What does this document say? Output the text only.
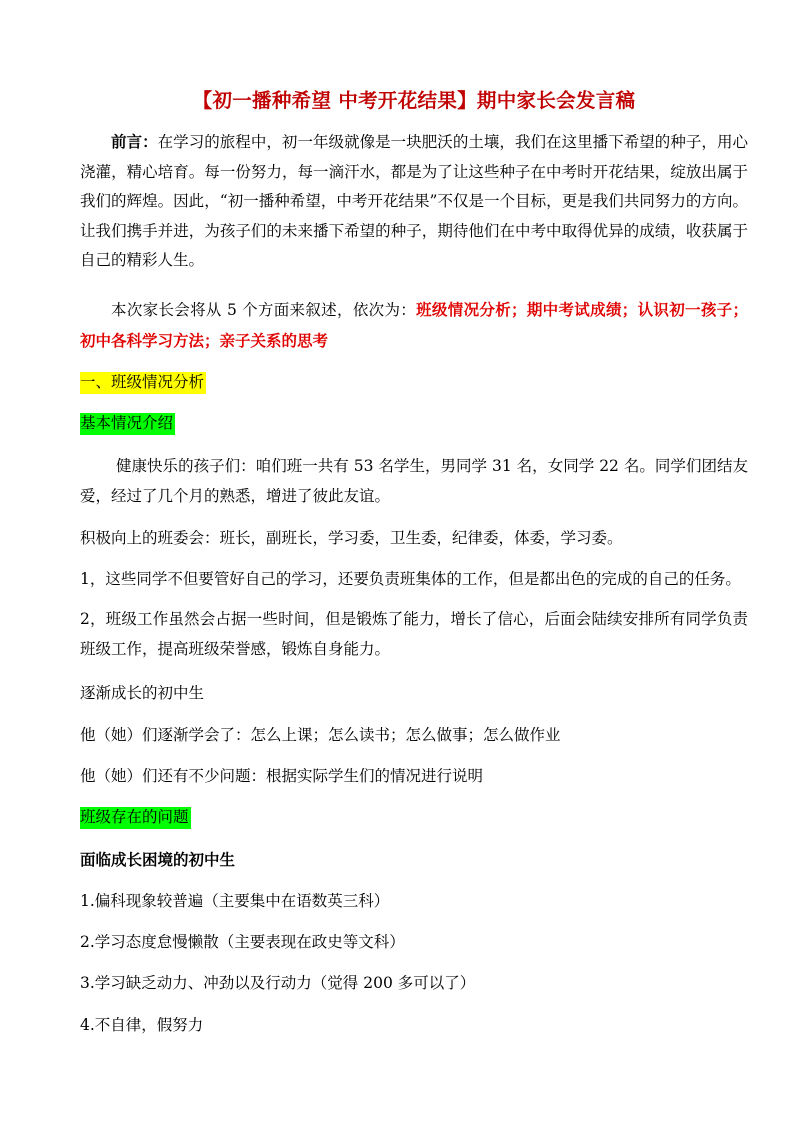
【初一播种希望 中考开花结果】期中家长会发言稿
前言：在学习的旅程中，初一年级就像是一块肥沃的土壤，我们在这里播下希望的种子，用心浇灌，精心培育。每一份努力，每一滴汗水，都是为了让这些种子在中考时开花结果，绽放出属于我们的辉煌。因此，“初一播种希望，中考开花结果”不仅是一个目标，更是我们共同努力的方向。让我们携手并进，为孩子们的未来播下希望的种子，期待他们在中考中取得优异的成绩，收获属于自己的精彩人生。
本次家长会将从 5 个方面来叙述，依次为：班级情况分析；期中考试成绩；认识初一孩子；初中各科学习方法；亲子关系的思考
一、班级情况分析
基本情况介绍
健康快乐的孩子们：咱们班一共有 53 名学生，男同学 31 名，女同学 22 名。同学们团结友爱，经过了几个月的熟悉，增进了彼此友谊。
积极向上的班委会：班长，副班长，学习委，卫生委，纪律委，体委，学习委。
1，这些同学不但要管好自己的学习，还要负责班集体的工作，但是都出色的完成的自己的任务。
2，班级工作虽然会占据一些时间，但是锻炼了能力，增长了信心，后面会陆续安排所有同学负责班级工作，提高班级荣誉感，锻炼自身能力。
逐渐成长的初中生
他（她）们逐渐学会了：怎么上课；怎么读书；怎么做事；怎么做作业
他（她）们还有不少问题：根据实际学生们的情况进行说明
班级存在的问题
面临成长困境的初中生
1.偏科现象较普遍（主要集中在语数英三科）
2.学习态度怠慢懒散（主要表现在政史等文科）
3.学习缺乏动力、冲劲以及行动力（觉得 200 多可以了）
4.不自律，假努力
